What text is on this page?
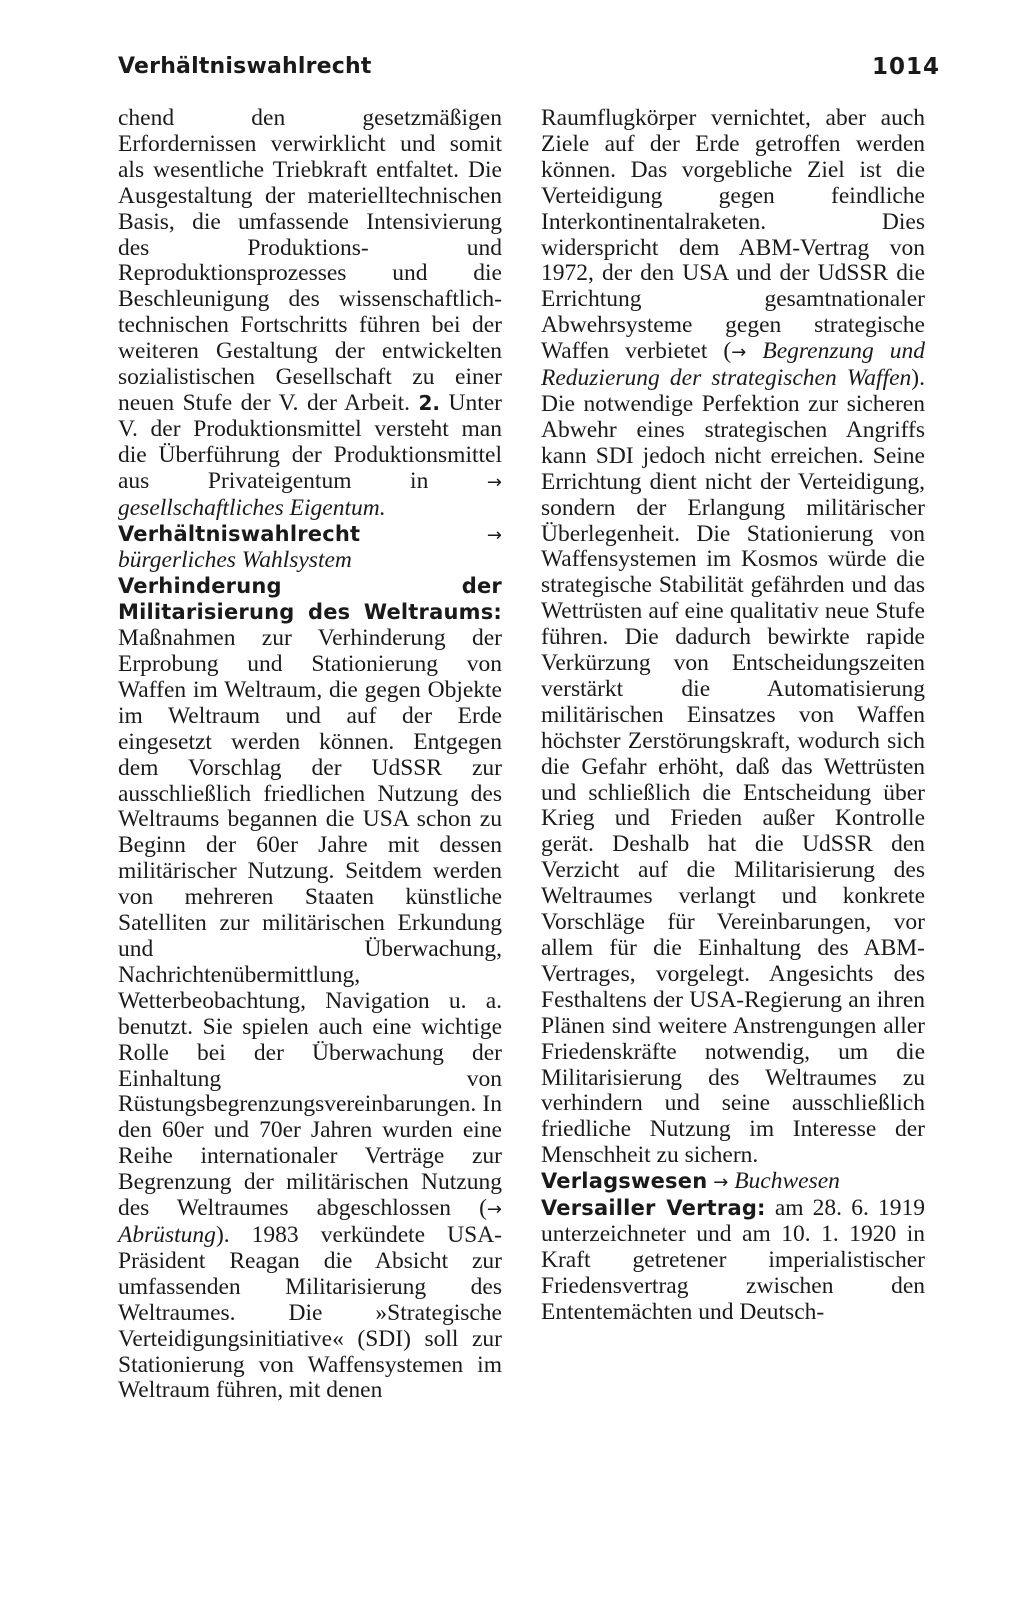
Verhältniswahlrecht	1014

chend den gesetzmäßigen Erfordernissen verwirklicht und somit als wesentliche Triebkraft entfaltet. Die Ausgestaltung der materielltechnischen Basis, die umfassende Intensivierung des Produktions- und Reproduktionsprozesses und die Beschleunigung des wissenschaftlich-technischen Fortschritts führen bei der weiteren Gestaltung der entwickelten sozialistischen Gesellschaft zu einer neuen Stufe der V. der Arbeit. 2. Unter V. der Produktionsmittel versteht man die Überführung der Produktionsmittel aus Privateigentum in	→ gesellschaftliches Eigentum.

Verhältniswahlrecht	→ bürgerliches Wahlsystem

Verhinderung der Militarisierung des Weltraums: Maßnahmen zur Verhinderung der Erprobung und Stationierung von Waffen im Weltraum, die gegen Objekte im Weltraum und auf der Erde eingesetzt werden können. Entgegen dem Vorschlag der UdSSR zur ausschließlich friedlichen Nutzung des Weltraums begannen die USA schon zu Beginn der 60er Jahre mit dessen militärischer Nutzung. Seitdem werden von mehreren Staaten künstliche Satelliten zur militärischen Erkundung und Überwachung, Nachrichtenübermittlung, Wetterbeobachtung, Navigation u. a. benutzt. Sie spielen auch eine wichtige Rolle bei der Überwachung der Einhaltung von Rüstungsbegrenzungsvereinbarungen. In den 60er und 70er Jahren wurden eine Reihe internationaler Verträge zur Begrenzung der militärischen Nutzung des Weltraumes abgeschlossen (→ Abrüstung). 1983 verkündete USA-Präsident Reagan die Absicht zur umfassenden Militarisierung des Weltraumes. Die »Strategische Verteidigungsinitiative« (SDI) soll zur Stationierung von Waffensystemen im Weltraum führen, mit denen

Raumflugkörper vernichtet, aber auch Ziele auf der Erde getroffen werden können. Das vorgebliche Ziel ist die Verteidigung gegen feindliche Interkontinentalraketen. Dies widerspricht dem ABM-Vertrag von 1972, der den USA und der UdSSR die Errichtung gesamtnationaler Abwehrsysteme gegen strategische Waffen verbietet (→ Begrenzung und Reduzierung der strategischen Waffen). Die notwendige Perfektion zur sicheren Abwehr eines strategischen Angriffs kann SDI jedoch nicht erreichen. Seine Errichtung dient nicht der Verteidigung, sondern der Erlangung militärischer Überlegenheit. Die Stationierung von Waffensystemen im Kosmos würde die strategische Stabilität gefährden und das Wettrüsten auf eine qualitativ neue Stufe führen. Die dadurch bewirkte rapide Verkürzung von Entscheidungszeiten verstärkt die Automatisierung militärischen Einsatzes von Waffen höchster Zerstörungskraft, wodurch sich die Gefahr erhöht, daß das Wettrüsten und schließlich die Entscheidung über Krieg und Frieden außer Kontrolle gerät. Deshalb hat die UdSSR den Verzicht auf die Militarisierung des Weltraumes verlangt und konkrete Vorschläge für Vereinbarungen, vor allem für die Einhaltung des ABM-Vertrages, vorgelegt. Angesichts des Festhaltens der USA-Regierung an ihren Plänen sind weitere Anstrengungen aller Friedenskräfte notwendig, um die Militarisierung des Weltraumes zu verhindern und seine ausschließlich friedliche Nutzung im Interesse der Menschheit zu sichern.

Verlagswesen → Buchwesen

Versailler Vertrag: am 28. 6. 1919 unterzeichneter und am 10. 1. 1920 in Kraft getretener imperialistischer Friedensvertrag zwischen den Ententemächten und Deutsch-
